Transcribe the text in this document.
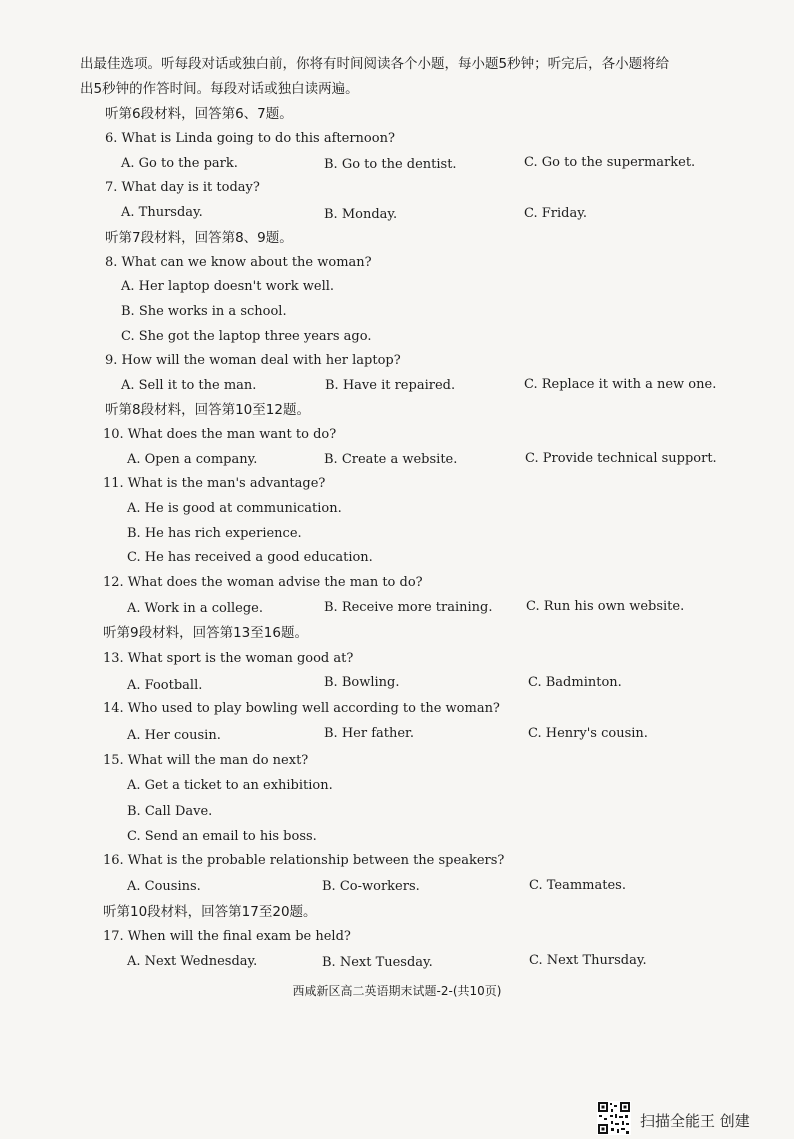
出最佳选项。听每段对话或独白前，你将有时间阅读各个小题，每小题5秒钟；听完后，各小题将给
出5秒钟的作答时间。每段对话或独白读两遍。
听第6段材料，回答第6、7题。
6. What is Linda going to do this afternoon?
A. Go to the park.	B. Go to the dentist.	C. Go to the supermarket.
7. What day is it today?
A. Thursday.	B. Monday.	C. Friday.
听第7段材料，回答第8、9题。
8. What can we know about the woman?
A. Her laptop doesn't work well.
B. She works in a school.
C. She got the laptop three years ago.
9. How will the woman deal with her laptop?
A. Sell it to the man.	B. Have it repaired.	C. Replace it with a new one.
听第8段材料，回答第10至12题。
10. What does the man want to do?
A. Open a company.	B. Create a website.	C. Provide technical support.
11. What is the man's advantage?
A. He is good at communication.
B. He has rich experience.
C. He has received a good education.
12. What does the woman advise the man to do?
A. Work in a college.	B. Receive more training.	C. Run his own website.
听第9段材料，回答第13至16题。
13. What sport is the woman good at?
A. Football.	B. Bowling.	C. Badminton.
14. Who used to play bowling well according to the woman?
A. Her cousin.	B. Her father.	C. Henry's cousin.
15. What will the man do next?
A. Get a ticket to an exhibition.
B. Call Dave.
C. Send an email to his boss.
16. What is the probable relationship between the speakers?
A. Cousins.	B. Co-workers.	C. Teammates.
听第10段材料，回答第17至20题。
17. When will the final exam be held?
A. Next Wednesday.	B. Next Tuesday.	C. Next Thursday.
西咸新区高二英语期末试题-2-(共10页)
扫描全能王 创建
